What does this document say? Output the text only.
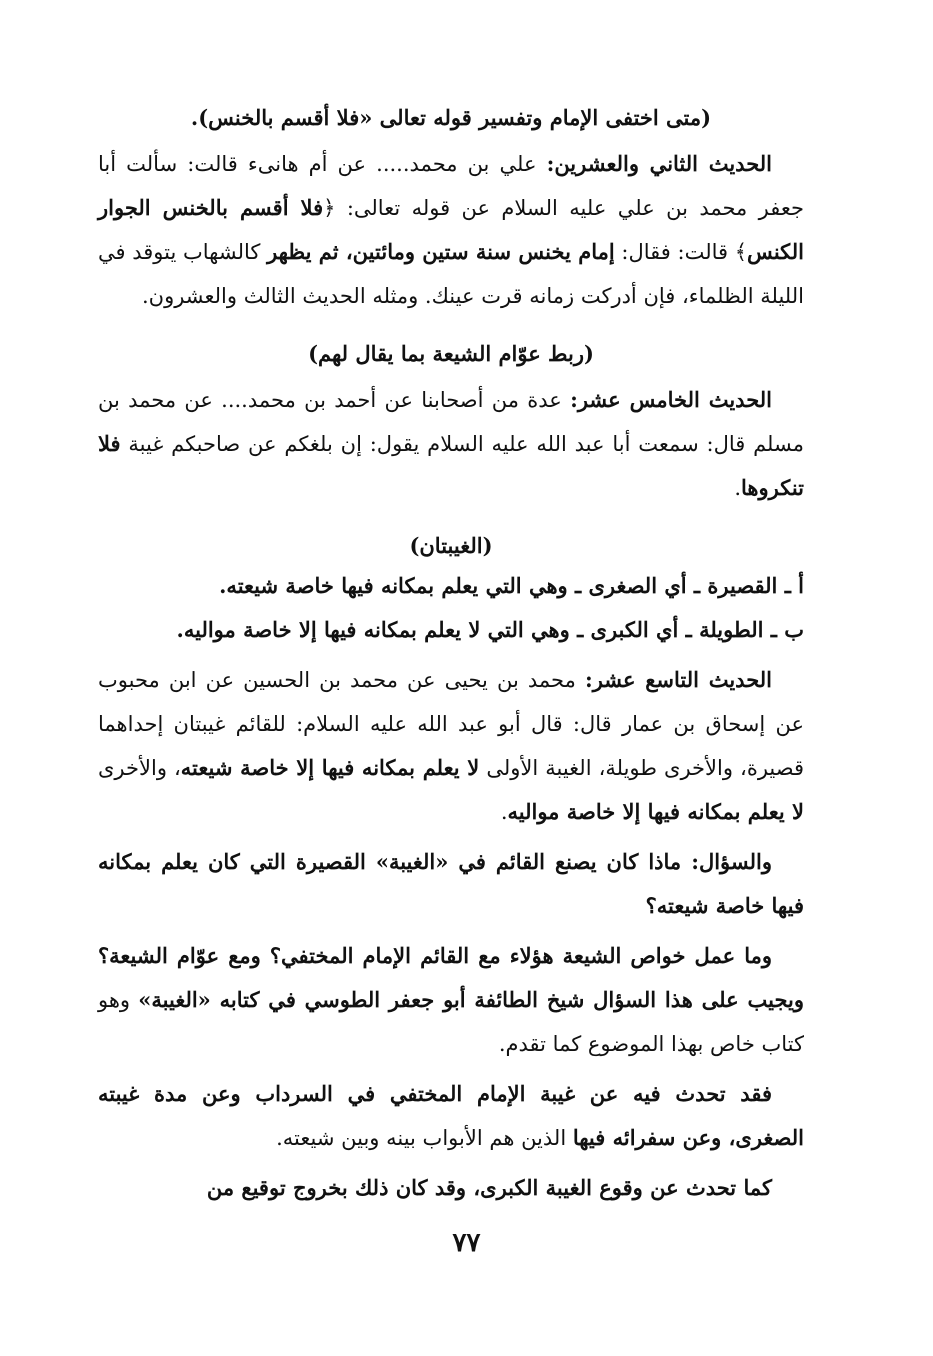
(متى اختفى الإمام وتفسير قوله تعالى «فلا أقسم بالخنس).

الحديث الثاني والعشرين: علي بن محمد..... عن أم هانىء قالت: سألت أبا جعفر محمد بن علي عليه السلام عن قوله تعالى: ﴿فلا أقسم بالخنس الجوار الكنس﴾ قالت: فقال: إمام يخنس سنة ستين ومائتين، ثم يظهر كالشهاب يتوقد في الليلة الظلماء، فإن أدركت زمانه قرت عينك. ومثله الحديث الثالث والعشرون.

(ربط عوّام الشيعة بما يقال لهم)

الحديث الخامس عشر: عدة من أصحابنا عن أحمد بن محمد.... عن محمد بن مسلم قال: سمعت أبا عبد الله عليه السلام يقول: إن بلغكم عن صاحبكم غيبة فلا تنكروها.

(الغيبتان)

أ ـ القصيرة ـ أي الصغرى ـ وهي التي يعلم بمكانه فيها خاصة شيعته.

ب ـ الطويلة ـ أي الكبرى ـ وهي التي لا يعلم بمكانه فيها إلا خاصة مواليه.

الحديث التاسع عشر: محمد بن يحيى عن محمد بن الحسين عن ابن محبوب عن إسحاق بن عمار قال: قال أبو عبد الله عليه السلام: للقائم غيبتان إحداهما قصيرة، والأخرى طويلة، الغيبة الأولى لا يعلم بمكانه فيها إلا خاصة شيعته، والأخرى لا يعلم بمكانه فيها إلا خاصة مواليه.

والسؤال: ماذا كان يصنع القائم في «الغيبة» القصيرة التي كان يعلم بمكانه فيها خاصة شيعته؟

وما عمل خواص الشيعة هؤلاء مع القائم الإمام المختفي؟ ومع عوّام الشيعة؟ ويجيب على هذا السؤال شيخ الطائفة أبو جعفر الطوسي في كتابه «الغيبة» وهو كتاب خاص بهذا الموضوع كما تقدم.

فقد تحدث فيه عن غيبة الإمام المختفي في السرداب وعن مدة غيبته الصغرى، وعن سفرائه فيها الذين هم الأبواب بينه وبين شيعته.

كما تحدث عن وقوع الغيبة الكبرى، وقد كان ذلك بخروج توقيع من

٧٧
